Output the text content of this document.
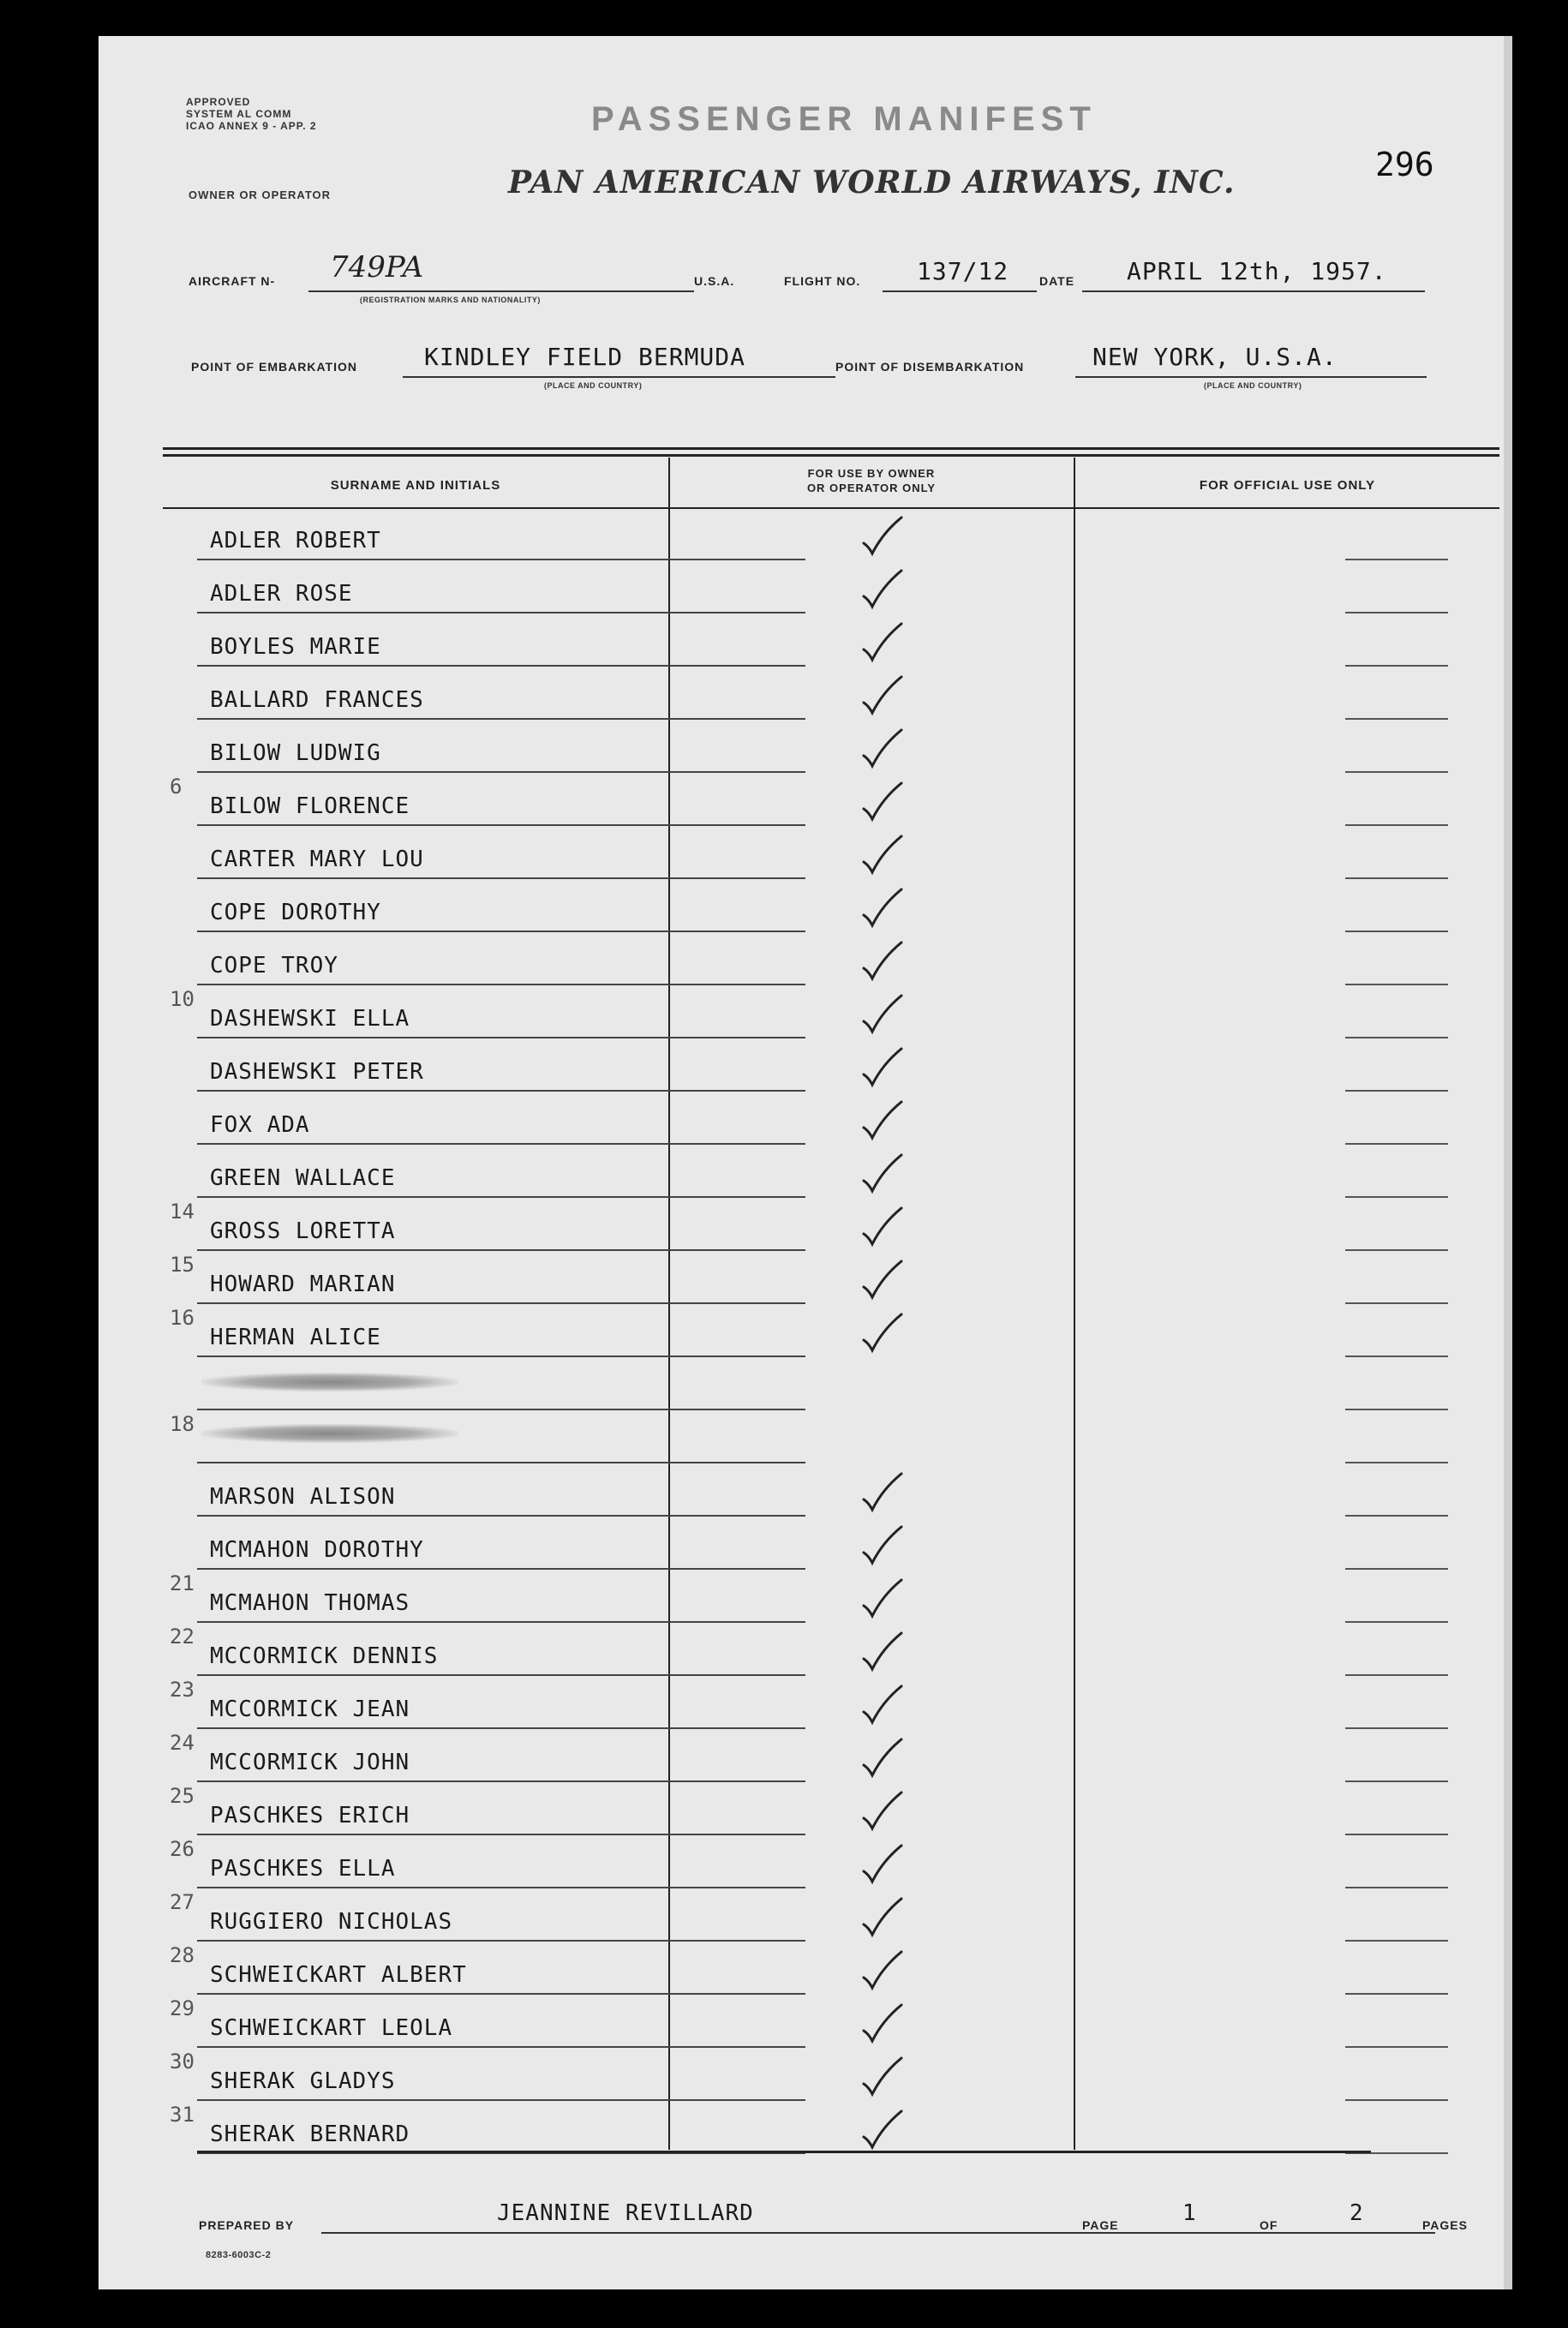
APPROVED
SYSTEM AL COMM
ICAO ANNEX 9 - APP. 2	PASSENGER MANIFEST
296
OWNER OR OPERATOR	PAN AMERICAN WORLD AIRWAYS, INC.
AIRCRAFT N- 749PA
(REGISTRATION MARKS AND NATIONALITY)
U.S.A.	FLIGHT NO. 137/12	DATE APRIL 12th, 1957.
POINT OF EMBARKATION	KINDLEY FIELD BERMUDA
(PLACE AND COUNTRY)
POINT OF DISEMBARKATION	NEW YORK, U.S.A.
(PLACE AND COUNTRY)
SURNAME AND INITIALS
FOR USE BY OWNER
OR OPERATOR ONLY	FOR OFFICIAL USE ONLY
ADLER ROBERT
ADLER ROSE
BOYLES MARIE
BALLARD FRANCES
BILOW LUDWIG
6
BILOW FLORENCE
CARTER MARY LOU
COPE DOROTHY
COPE TROY
10
DASHEWSKI ELLA
DASHEWSKI PETER
FOX ADA
GREEN WALLACE
14
GROSS LORETTA
15
HOWARD MARIAN
16
HERMAN ALICE
18
MARSON ALISON
MCMAHON DOROTHY
21
MCMAHON THOMAS
22
MCCORMICK DENNIS
23
MCCORMICK JEAN
24
MCCORMICK JOHN
25
PASCHKES ERICH
26
PASCHKES ELLA
27
RUGGIERO NICHOLAS
28
SCHWEICKART ALBERT
29
SCHWEICKART LEOLA
30
SHERAK GLADYS
31
SHERAK BERNARD
PREPARED BY	JEANNINE REVILLARD	PAGE	1	OF	2	PAGES
8283-6003C-2
